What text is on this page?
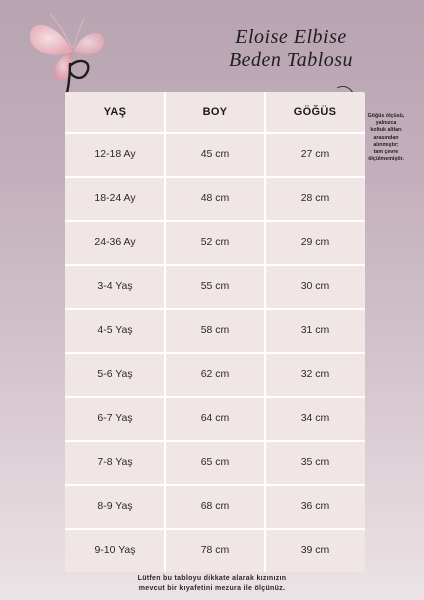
Eloise Elbise
Beden Tablosu
Göğüs ölçüsü,
yalnızca
koltuk altları
arasından
alınmıştır;
tam çevre
ölçülmemiştir.
YAŞ	BOY	GÖĞÜS
12-18 Ay	45 cm	27 cm
18-24 Ay	48 cm	28 cm
24-36 Ay	52 cm	29 cm
3-4 Yaş	55 cm	30 cm
4-5 Yaş	58 cm	31 cm
5-6 Yaş	62 cm	32 cm
6-7 Yaş	64 cm	34 cm
7-8 Yaş	65 cm	35 cm
8-9 Yaş	68 cm	36 cm
9-10 Yaş	78 cm	39 cm
Lütfen bu tabloyu dikkate alarak kızınızın
mevcut bir kıyafetini mezura ile ölçünüz.
